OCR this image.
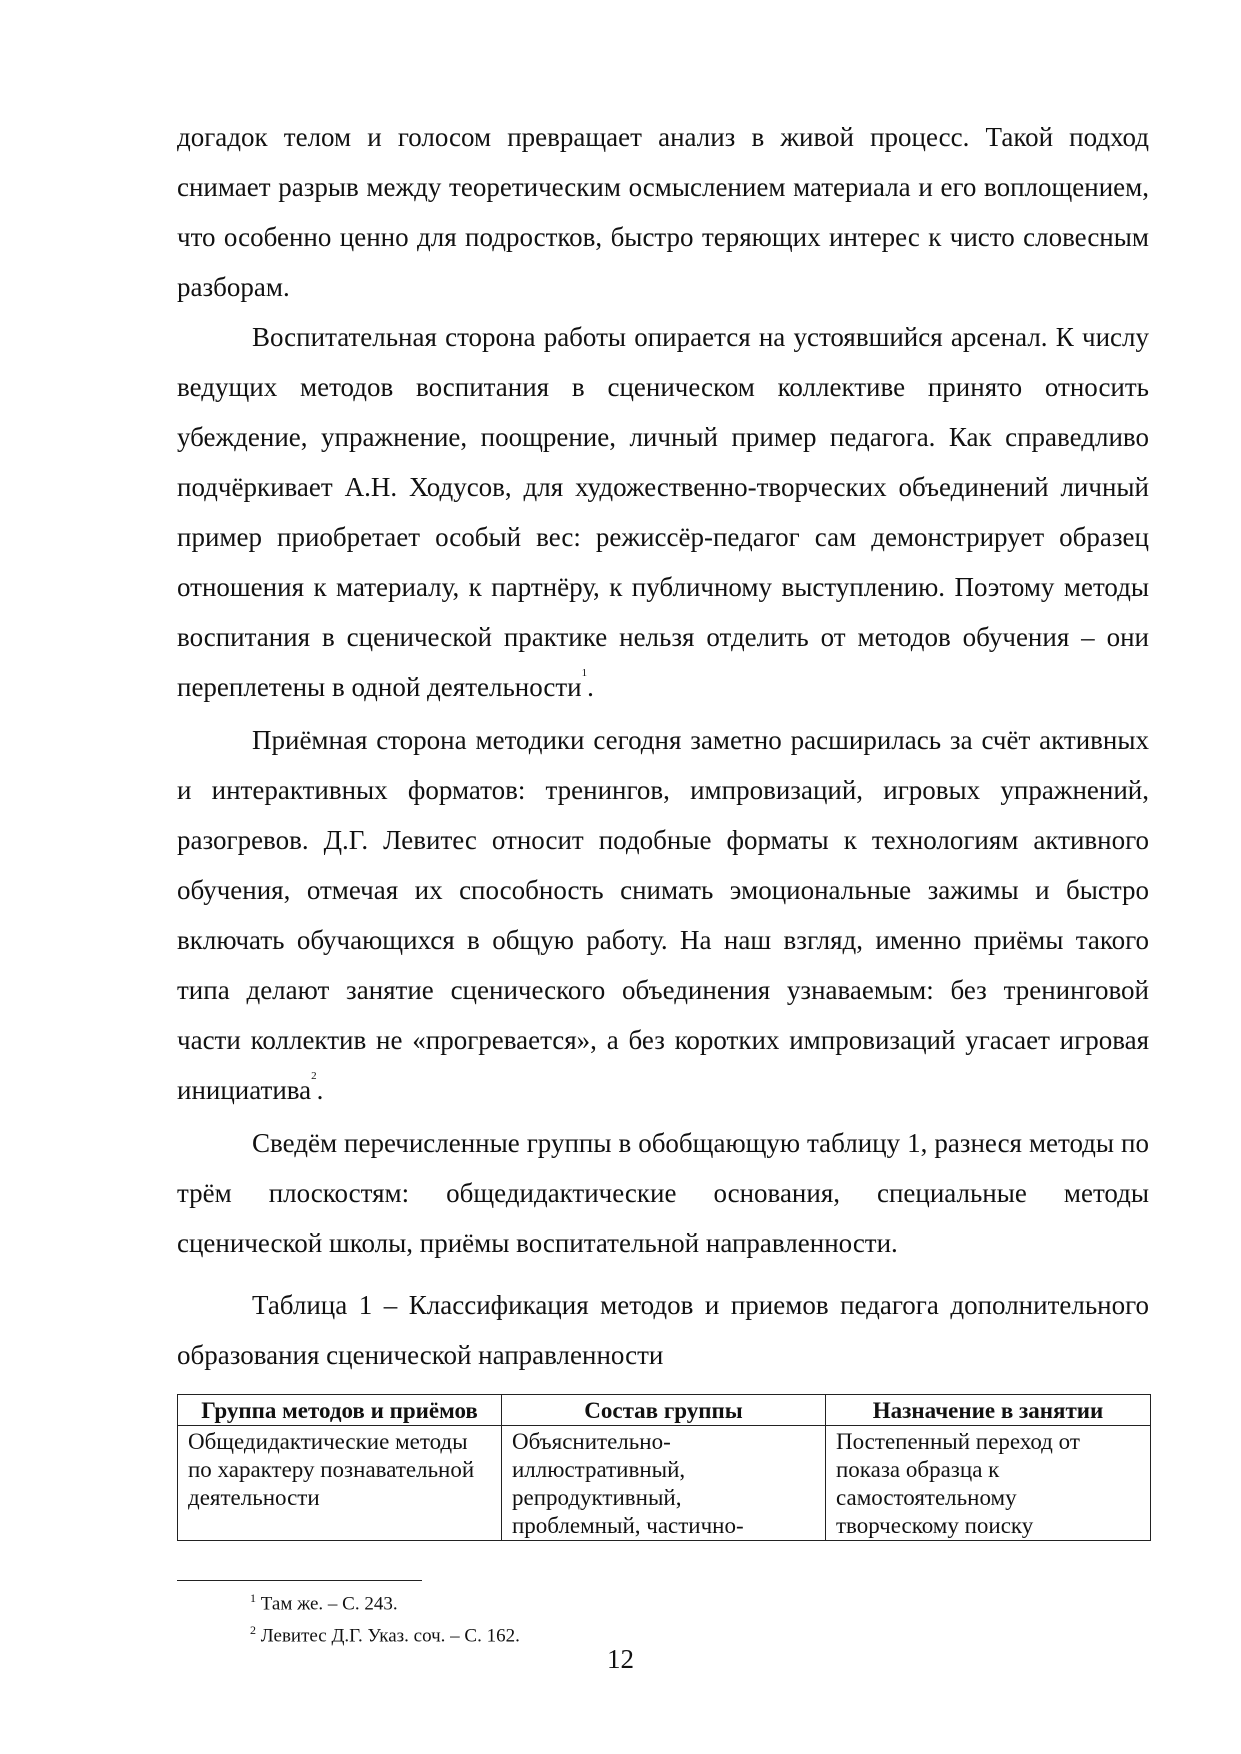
догадок телом и голосом превращает анализ в живой процесс. Такой подход снимает разрыв между теоретическим осмыслением материала и его воплощением, что особенно ценно для подростков, быстро теряющих интерес к чисто словесным разборам.

Воспитательная сторона работы опирается на устоявшийся арсенал. К числу ведущих методов воспитания в сценическом коллективе принято относить убеждение, упражнение, поощрение, личный пример педагога. Как справедливо подчёркивает А.Н. Ходусов, для художественно-творческих объединений личный пример приобретает особый вес: режиссёр-педагог сам демонстрирует образец отношения к материалу, к партнёру, к публичному выступлению. Поэтому методы воспитания в сценической практике нельзя отделить от методов обучения – они переплетены в одной деятельности$^1$.

Приёмная сторона методики сегодня заметно расширилась за счёт активных и интерактивных форматов: тренингов, импровизаций, игровых упражнений, разогревов. Д.Г. Левитес относит подобные форматы к технологиям активного обучения, отмечая их способность снимать эмоциональные зажимы и быстро включать обучающихся в общую работу. На наш взгляд, именно приёмы такого типа делают занятие сценического объединения узнаваемым: без тренинговой части коллектив не «прогревается», а без коротких импровизаций угасает игровая инициатива$^2$.

Сведём перечисленные группы в обобщающую таблицу 1, разнеся методы по трём плоскостям: общедидактические основания, специальные методы сценической школы, приёмы воспитательной направленности.

Таблица 1 – Классификация методов и приемов педагога дополнительного образования сценической направленности

Группа методов и приёмов	Состав группы	Назначение в занятии

Общедидактические методы по характеру познавательной деятельности	Объяснительно-иллюстративный, репродуктивный, проблемный, частично-	Постепенный переход от показа образца к самостоятельному творческому поиску
$^1$ Там же. – С. 243.
$^2$ Левитес Д.Г. Указ. соч. – С. 162.
12
